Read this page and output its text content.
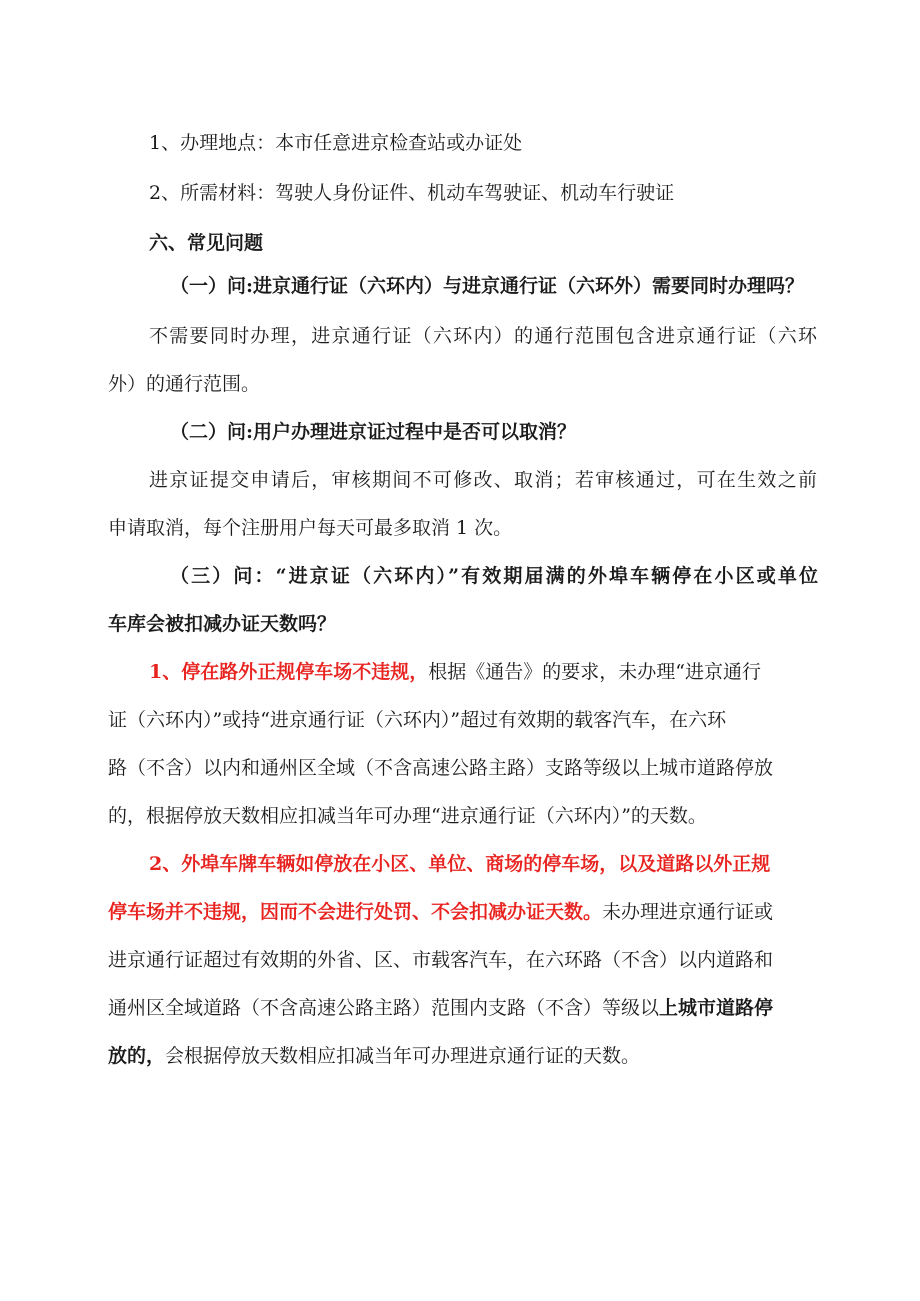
1、办理地点：本市任意进京检查站或办证处
2、所需材料：驾驶人身份证件、机动车驾驶证、机动车行驶证
六、常见问题
（一）问:进京通行证（六环内）与进京通行证（六环外）需要同时办理吗？
不需要同时办理，进京通行证（六环内）的通行范围包含进京通行证（六环
外）的通行范围。
（二）问:用户办理进京证过程中是否可以取消？
进京证提交申请后，审核期间不可修改、取消；若审核通过，可在生效之前
申请取消，每个注册用户每天可最多取消 1 次。
（三）问：“进京证（六环内）”有效期届满的外埠车辆停在小区或单位
车库会被扣减办证天数吗？
1、停在路外正规停车场不违规，根据《通告》的要求，未办理“进京通行
证（六环内）”或持“进京通行证（六环内）”超过有效期的载客汽车，在六环
路（不含）以内和通州区全域（不含高速公路主路）支路等级以上城市道路停放
的，根据停放天数相应扣减当年可办理“进京通行证（六环内）”的天数。
2、外埠车牌车辆如停放在小区、单位、商场的停车场，以及道路以外正规
停车场并不违规，因而不会进行处罚、不会扣减办证天数。未办理进京通行证或
进京通行证超过有效期的外省、区、市载客汽车，在六环路（不含）以内道路和
通州区全域道路（不含高速公路主路）范围内支路（不含）等级以上城市道路停
放的，会根据停放天数相应扣减当年可办理进京通行证的天数。
